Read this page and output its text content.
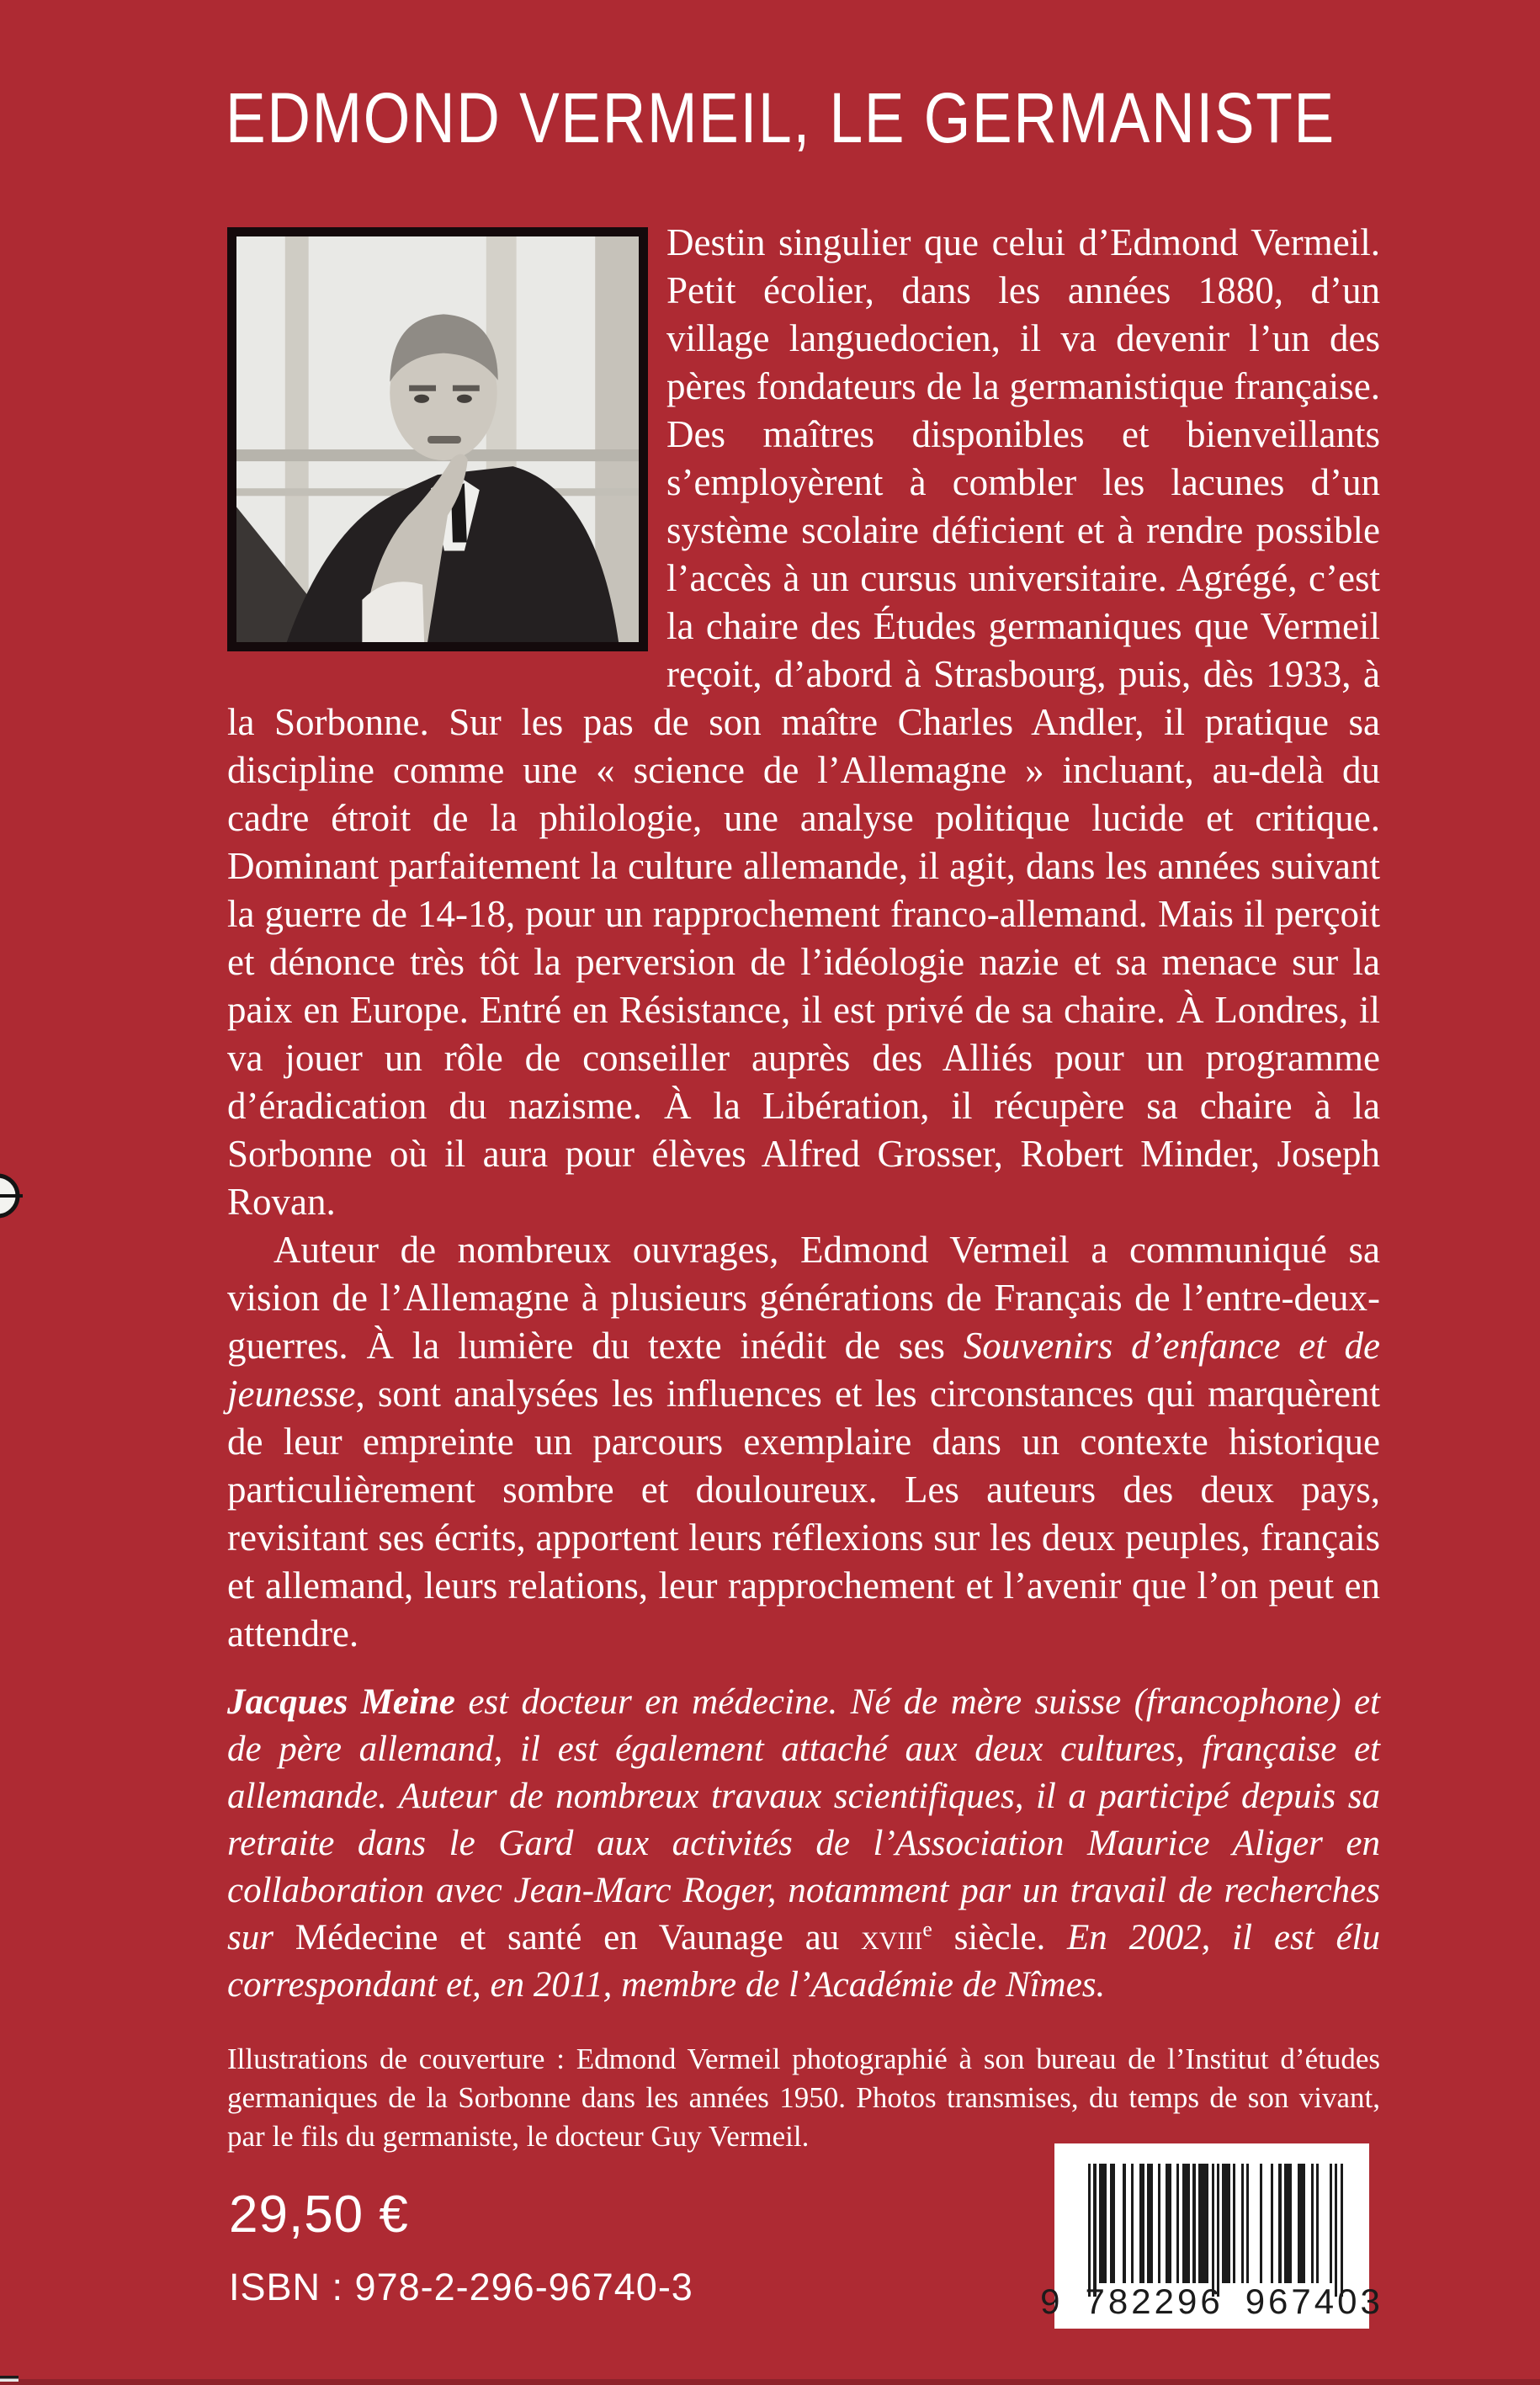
EDMOND VERMEIL, LE GERMANISTE

Destin singulier que celui d’Edmond Vermeil. Petit écolier, dans les années 1880, d’un village languedocien, il va devenir l’un des pères fondateurs de la germanistique française. Des maîtres disponibles et bienveillants s’employèrent à combler les lacunes d’un système scolaire déficient et à rendre possible l’accès à un cursus universitaire. Agrégé, c’est la chaire des Études germaniques que Vermeil reçoit, d’abord à Strasbourg, puis, dès 1933, à la Sorbonne. Sur les pas de son maître Charles Andler, il pratique sa discipline comme une « science de l’Allemagne » incluant, au-delà du cadre étroit de la philologie, une analyse politique lucide et critique. Dominant parfaitement la culture allemande, il agit, dans les années suivant la guerre de 14-18, pour un rapprochement franco-allemand. Mais il perçoit et dénonce très tôt la perversion de l’idéologie nazie et sa menace sur la paix en Europe. Entré en Résistance, il est privé de sa chaire. À Londres, il va jouer un rôle de conseiller auprès des Alliés pour un programme d’éradication du nazisme. À la Libération, il récupère sa chaire à la Sorbonne où il aura pour élèves Alfred Grosser, Robert Minder, Joseph Rovan.

Auteur de nombreux ouvrages, Edmond Vermeil a communiqué sa vision de l’Allemagne à plusieurs générations de Français de l’entre-deux-guerres. À la lumière du texte inédit de ses Souvenirs d’enfance et de jeunesse, sont analysées les influences et les circonstances qui marquèrent de leur empreinte un parcours exemplaire dans un contexte historique particulièrement sombre et douloureux. Les auteurs des deux pays, revisitant ses écrits, apportent leurs réflexions sur les deux peuples, français et allemand, leurs relations, leur rapprochement et l’avenir que l’on peut en attendre.

Jacques Meine est docteur en médecine. Né de mère suisse (francophone) et de père allemand, il est également attaché aux deux cultures, française et allemande. Auteur de nombreux travaux scientifiques, il a participé depuis sa retraite dans le Gard aux activités de l’Association Maurice Aliger en collaboration avec Jean-Marc Roger, notamment par un travail de recherches sur Médecine et santé en Vaunage au xviii$^e$ siècle. En 2002, il est élu correspondant et, en 2011, membre de l’Académie de Nîmes.
Illustrations de couverture : Edmond Vermeil photographié à son bureau de l’Institut d’études germaniques de la Sorbonne dans les années 1950. Photos transmises, du temps de son vivant, par le fils du germaniste, le docteur Guy Vermeil.
29,50 €
ISBN : 978-2-296-96740-3	9 782296 967403
